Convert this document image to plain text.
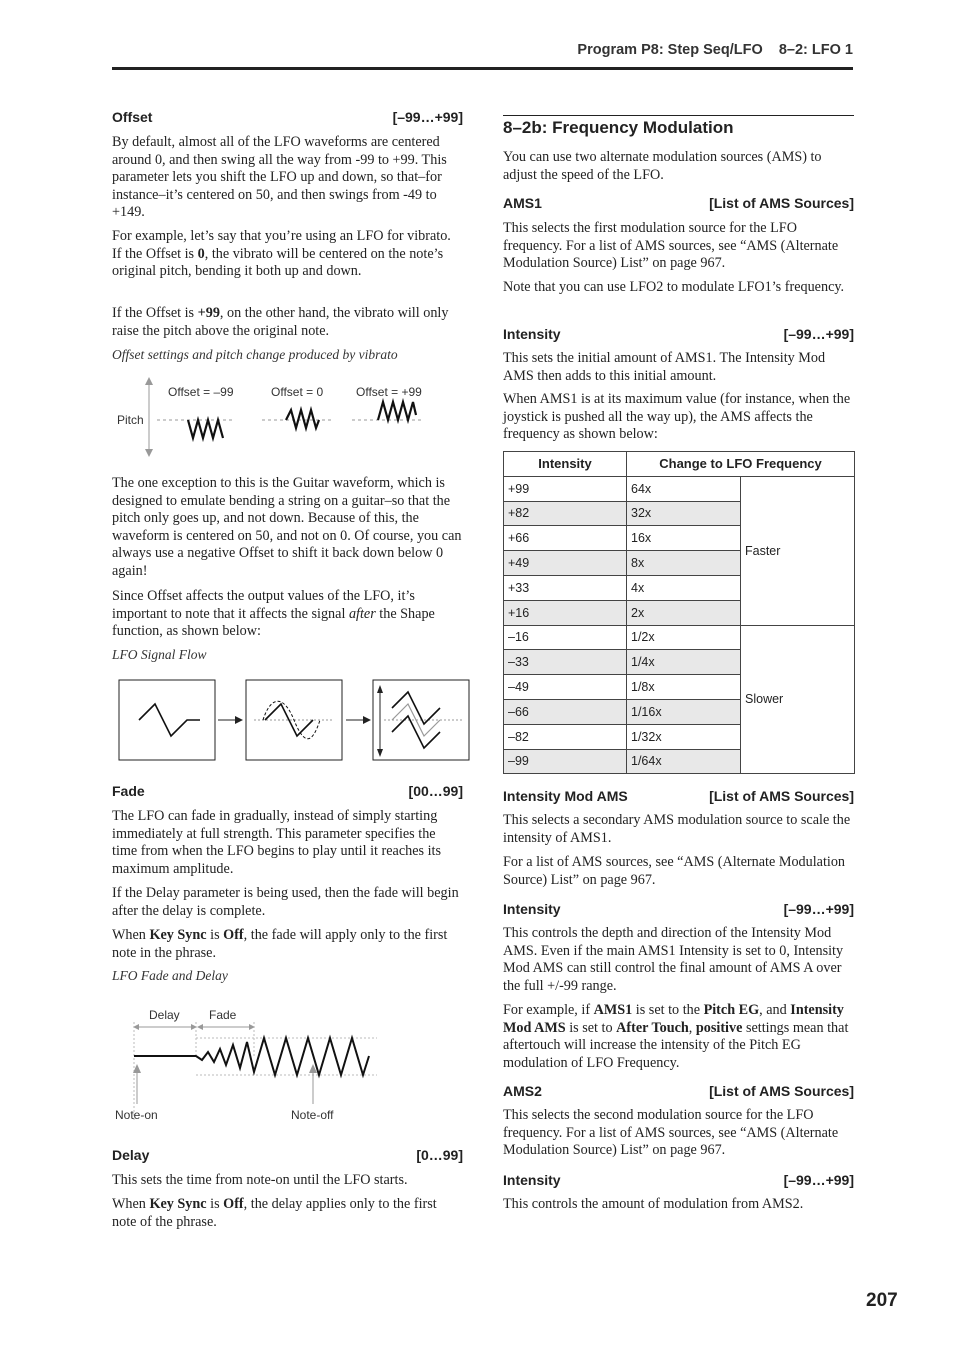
Program P8: Step Seq/LFO    8–2: LFO 1
Offset	[–99…+99]

By default, almost all of the LFO waveforms are centered around 0, and then swing all the way from -99 to +99. This parameter lets you shift the LFO up and down, so that–for instance–it’s centered on 50, and then swings from -49 to +149.

For example, let’s say that you’re using an LFO for vibrato. If the Offset is 0, the vibrato will be centered on the note’s original pitch, bending it both up and down.

If the Offset is +99, on the other hand, the vibrato will only raise the pitch above the original note.

Offset settings and pitch change produced by vibrato

Pitch
Offset = –99	Offset = 0	Offset = +99

The one exception to this is the Guitar waveform, which is designed to emulate bending a string on a guitar–so that the pitch only goes up, and not down. Because of this, the waveform is centered on 50, and not on 0. Of course, you can always use a negative Offset to shift it back down below 0 again!

Since Offset affects the output values of the LFO, it’s important to note that it affects the signal after the Shape function, as shown below:

LFO Signal Flow

Fade	[00…99]

The LFO can fade in gradually, instead of simply starting immediately at full strength. This parameter specifies the time from when the LFO begins to play until it reaches its maximum amplitude.

If the Delay parameter is being used, then the fade will begin after the delay is complete.

When Key Sync is Off, the fade will apply only to the first note in the phrase.

LFO Fade and Delay

Delay Fade
Note-on	Note-off
Delay	[0…99]

This sets the time from note-on until the LFO starts.

When Key Sync is Off, the delay applies only to the first note of the phrase.

8–2b: Frequency Modulation

You can use two alternate modulation sources (AMS) to adjust the speed of the LFO.

AMS1	[List of AMS Sources]

This selects the first modulation source for the LFO frequency. For a list of AMS sources, see “AMS (Alternate Modulation Source) List” on page 967.

Note that you can use LFO2 to modulate LFO1’s frequency.

Intensity	[–99…+99]

This sets the initial amount of AMS1. The Intensity Mod AMS then adds to this initial amount.

When AMS1 is at its maximum value (for instance, when the joystick is pushed all the way up), the AMS affects the frequency as shown below:

Intensity	Change to LFO Frequency	
+99	64x	Faster
+82	32x	
+66	16x	
+49	8x	
+33	4x	
+16	2x	
–16	1/2x	Slower
–33	1/4x	
–49	1/8x	
–66	1/16x	
–82	1/32x	
–99	1/64x	
Intensity Mod AMS	[List of AMS Sources]

This selects a secondary AMS modulation source to scale the intensity of AMS1.

For a list of AMS sources, see “AMS (Alternate Modulation Source) List” on page 967.

Intensity	[–99…+99]

This controls the depth and direction of the Intensity Mod AMS. Even if the main AMS1 Intensity is set to 0, Intensity Mod AMS can still control the final amount of AMS A over the full +/-99 range.

For example, if AMS1 is set to the Pitch EG, and Intensity Mod AMS is set to After Touch, positive settings mean that aftertouch will increase the intensity of the Pitch EG modulation of LFO Frequency.

AMS2	[List of AMS Sources]

This selects the second modulation source for the LFO frequency. For a list of AMS sources, see “AMS (Alternate Modulation Source) List” on page 967.

Intensity	[–99…+99]

This controls the amount of modulation from AMS2.

207
